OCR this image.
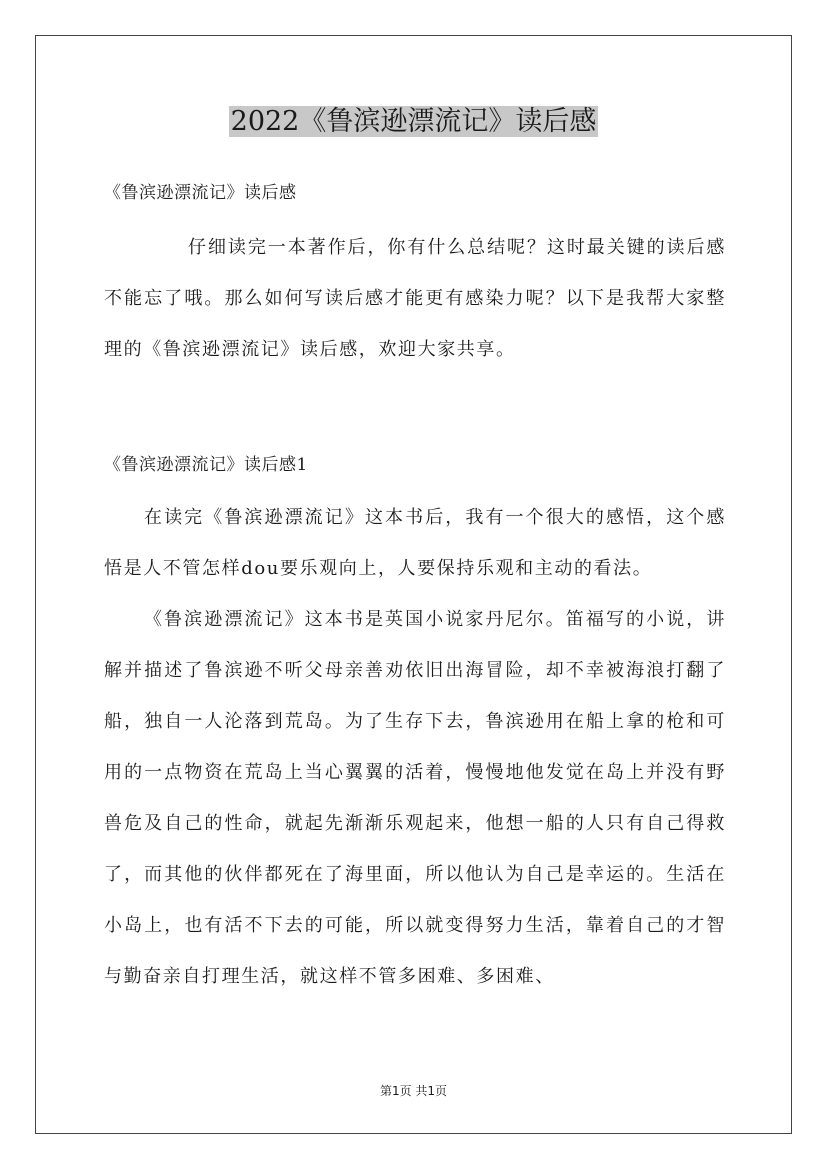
2022《鲁滨逊漂流记》读后感
《鲁滨逊漂流记》读后感

仔细读完一本著作后，你有什么总结呢？这时最关键的读后感不能忘了哦。那么如何写读后感才能更有感染力呢？以下是我帮大家整理的《鲁滨逊漂流记》读后感，欢迎大家共享。

《鲁滨逊漂流记》读后感1

在读完《鲁滨逊漂流记》这本书后，我有一个很大的感悟，这个感悟是人不管怎样dou要乐观向上，人要保持乐观和主动的看法。

《鲁滨逊漂流记》这本书是英国小说家丹尼尔。笛福写的小说，讲解并描述了鲁滨逊不听父母亲善劝依旧出海冒险，却不幸被海浪打翻了船，独自一人沦落到荒岛。为了生存下去，鲁滨逊用在船上拿的枪和可用的一点物资在荒岛上当心翼翼的活着，慢慢地他发觉在岛上并没有野兽危及自己的性命，就起先渐渐乐观起来，他想一船的人只有自己得救了，而其他的伙伴都死在了海里面，所以他认为自己是幸运的。生活在小岛上，也有活不下去的可能，所以就变得努力生活，靠着自己的才智与勤奋亲自打理生活，就这样不管多困难、多困难、

第1页 共1页
